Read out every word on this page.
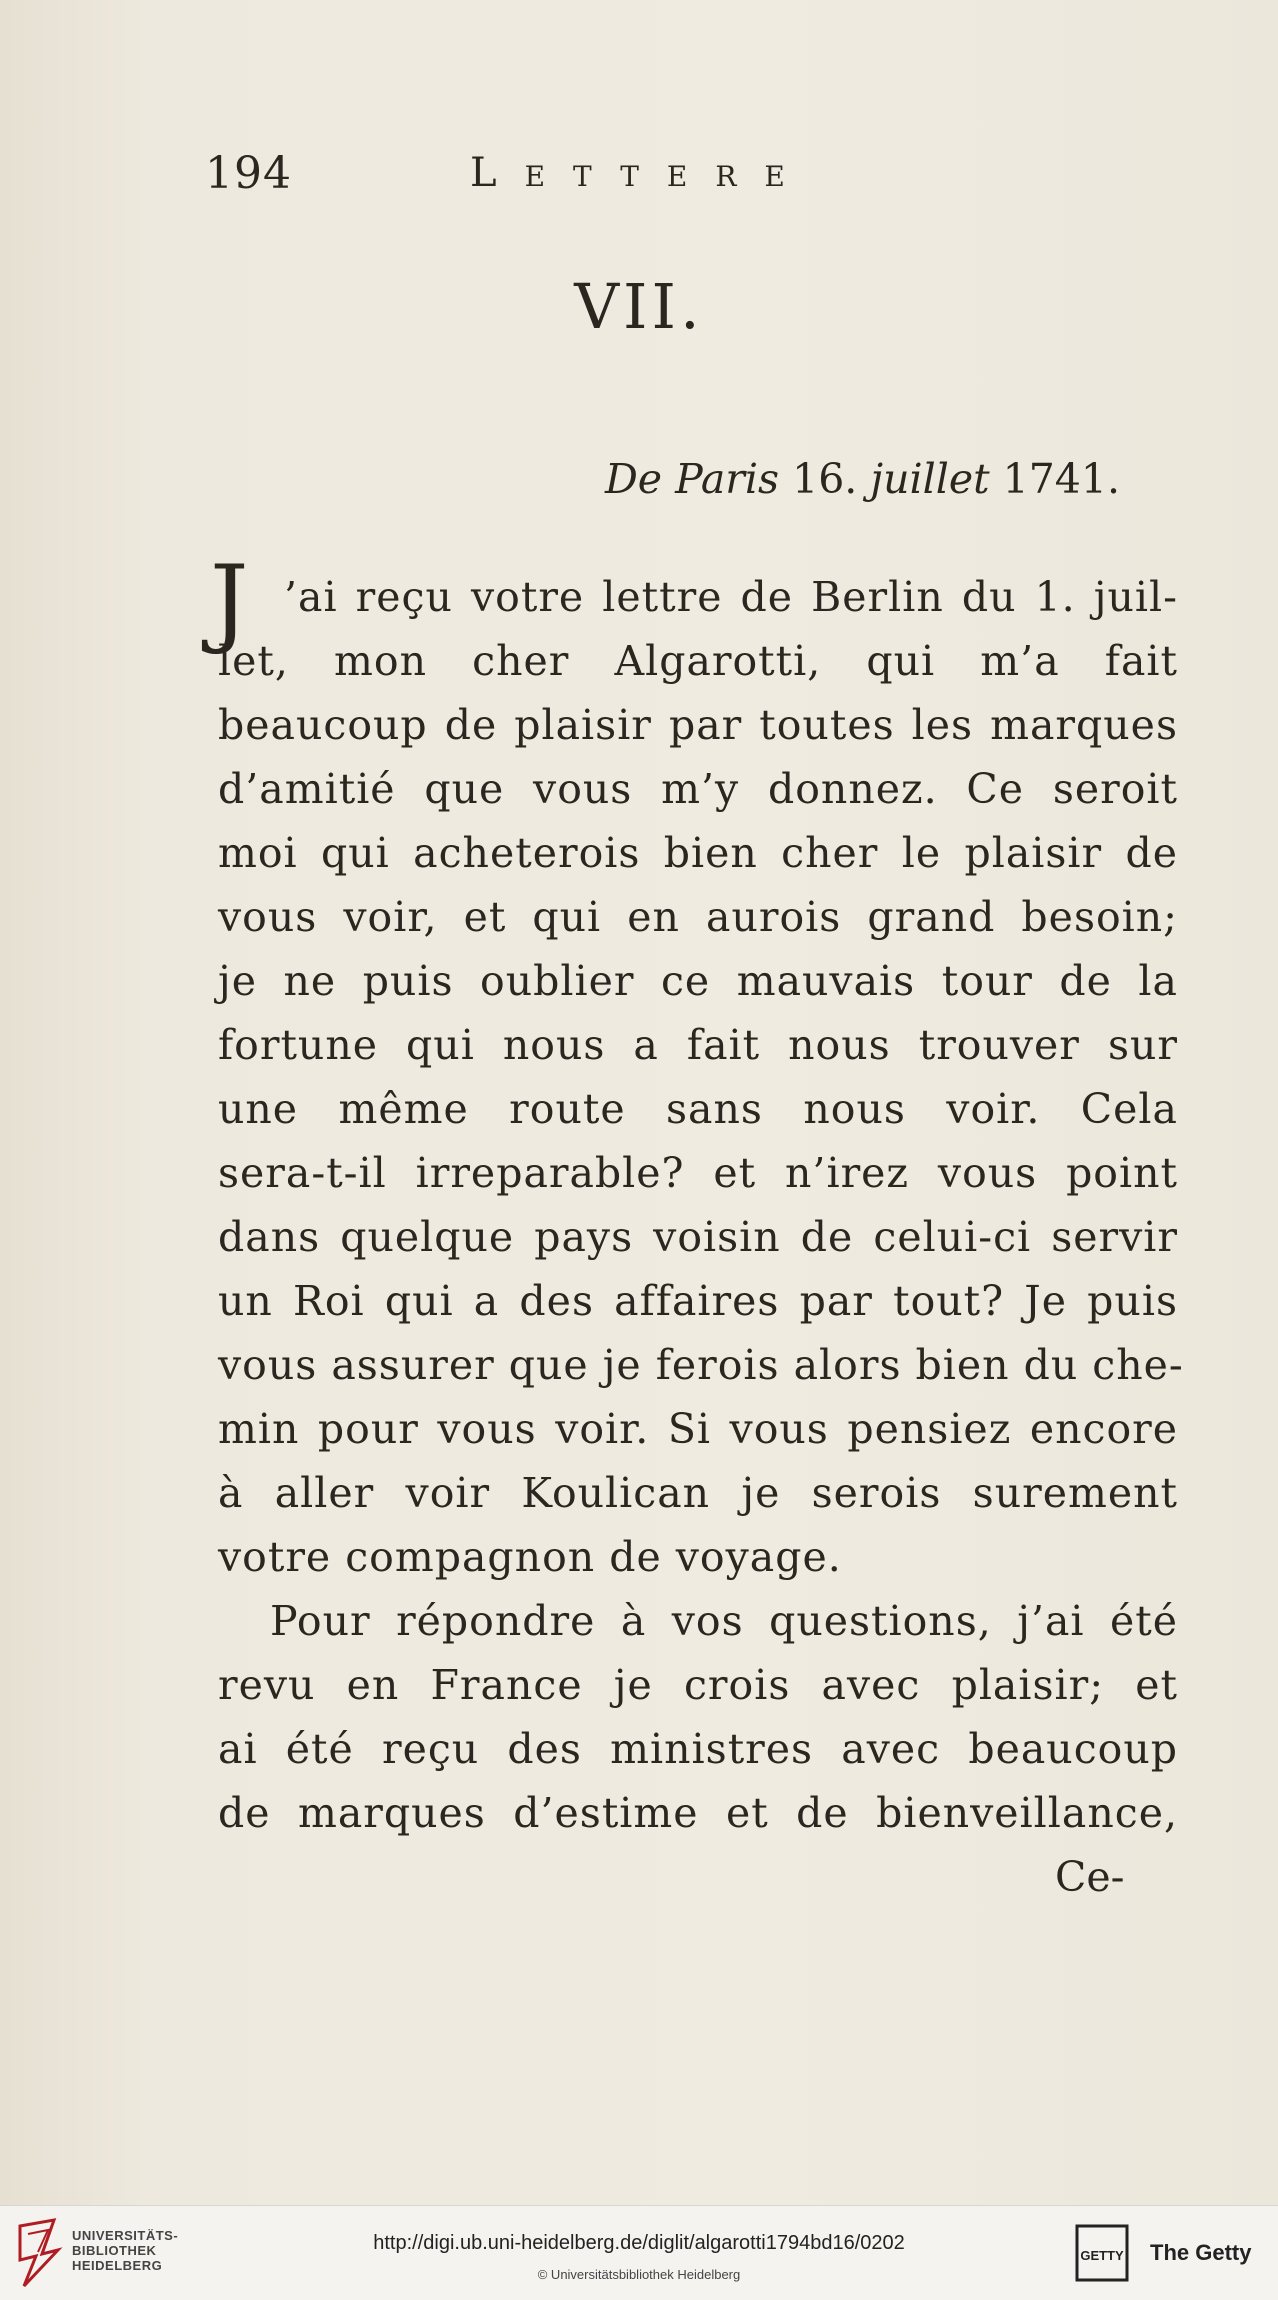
194	Lettere
VII.
De Paris 16. juillet 1741.
J ’ai reçu votre lettre de Berlin du 1. juil-
let, mon cher Algarotti, qui m’a fait
beaucoup de plaisir par toutes les marques
d’amitié que vous m’y donnez. Ce seroit
moi qui acheterois bien cher le plaisir de
vous voir, et qui en aurois grand besoin;
je ne puis oublier ce mauvais tour de la
fortune qui nous a fait nous trouver sur
une même route sans nous voir. Cela
sera-t-il irreparable? et n’irez vous point
dans quelque pays voisin de celui-ci servir
un Roi qui a des affaires par tout? Je puis
vous assurer que je ferois alors bien du che-
min pour vous voir. Si vous pensiez encore
à aller voir Koulican je serois surement
votre compagnon de voyage.
Pour répondre à vos questions, j’ai été
revu en France je crois avec plaisir; et
ai été reçu des ministres avec beaucoup
de marques d’estime et de bienveillance,
Ce-
UNIVERSITÄTS-
BIBLIOTHEK
HEIDELBERG
http://digi.ub.uni-heidelberg.de/diglit/algarotti1794bd16/0202
© Universitätsbibliothek Heidelberg
GETTY The Getty
